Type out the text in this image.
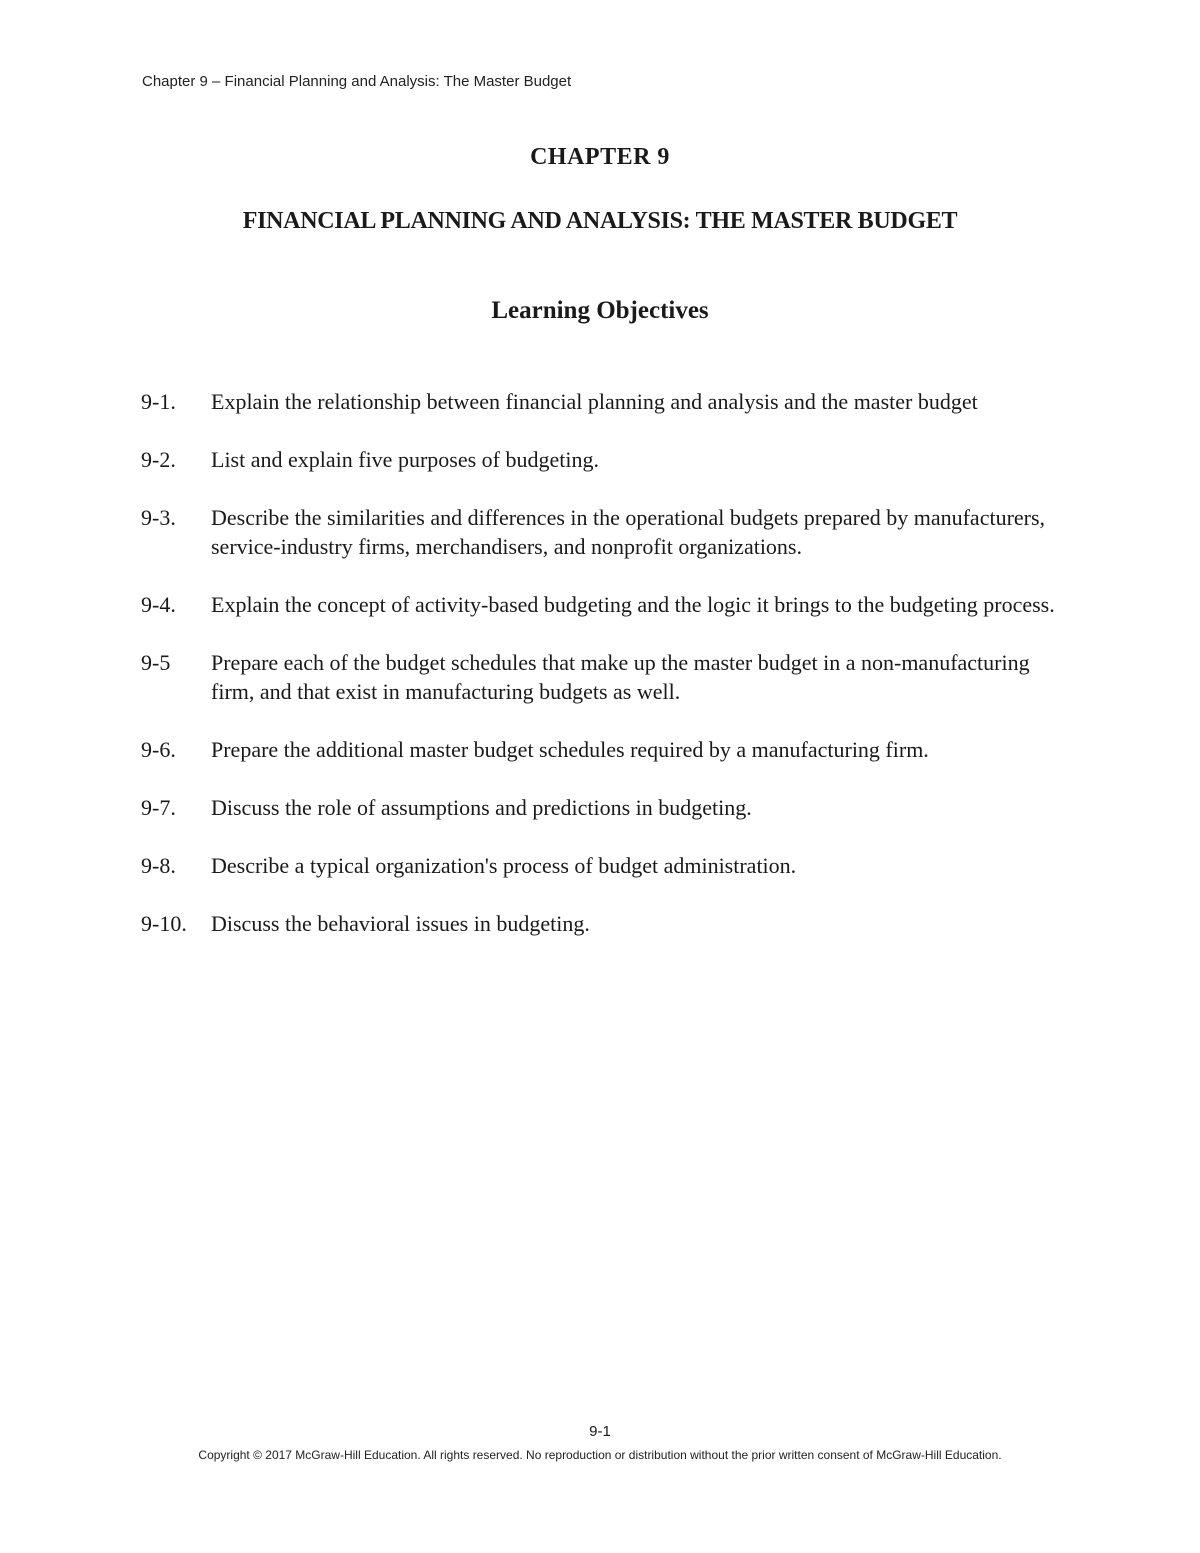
Chapter 9 – Financial Planning and Analysis: The Master Budget
CHAPTER 9
FINANCIAL PLANNING AND ANALYSIS: THE MASTER BUDGET
Learning Objectives
9-1.	Explain the relationship between financial planning and analysis and the master budget
9-2.	List and explain five purposes of budgeting.
9-3.	Describe the similarities and differences in the operational budgets prepared by manufacturers, service-industry firms, merchandisers, and nonprofit organizations.
9-4.	Explain the concept of activity-based budgeting and the logic it brings to the budgeting process.
9-5	Prepare each of the budget schedules that make up the master budget in a non-manufacturing firm, and that exist in manufacturing budgets as well.
9-6.	Prepare the additional master budget schedules required by a manufacturing firm.
9-7.	Discuss the role of assumptions and predictions in budgeting.
9-8.	Describe a typical organization's process of budget administration.
9-10.	Discuss the behavioral issues in budgeting.
9-1
Copyright © 2017 McGraw-Hill Education. All rights reserved. No reproduction or distribution without the prior written consent of McGraw-Hill Education.
